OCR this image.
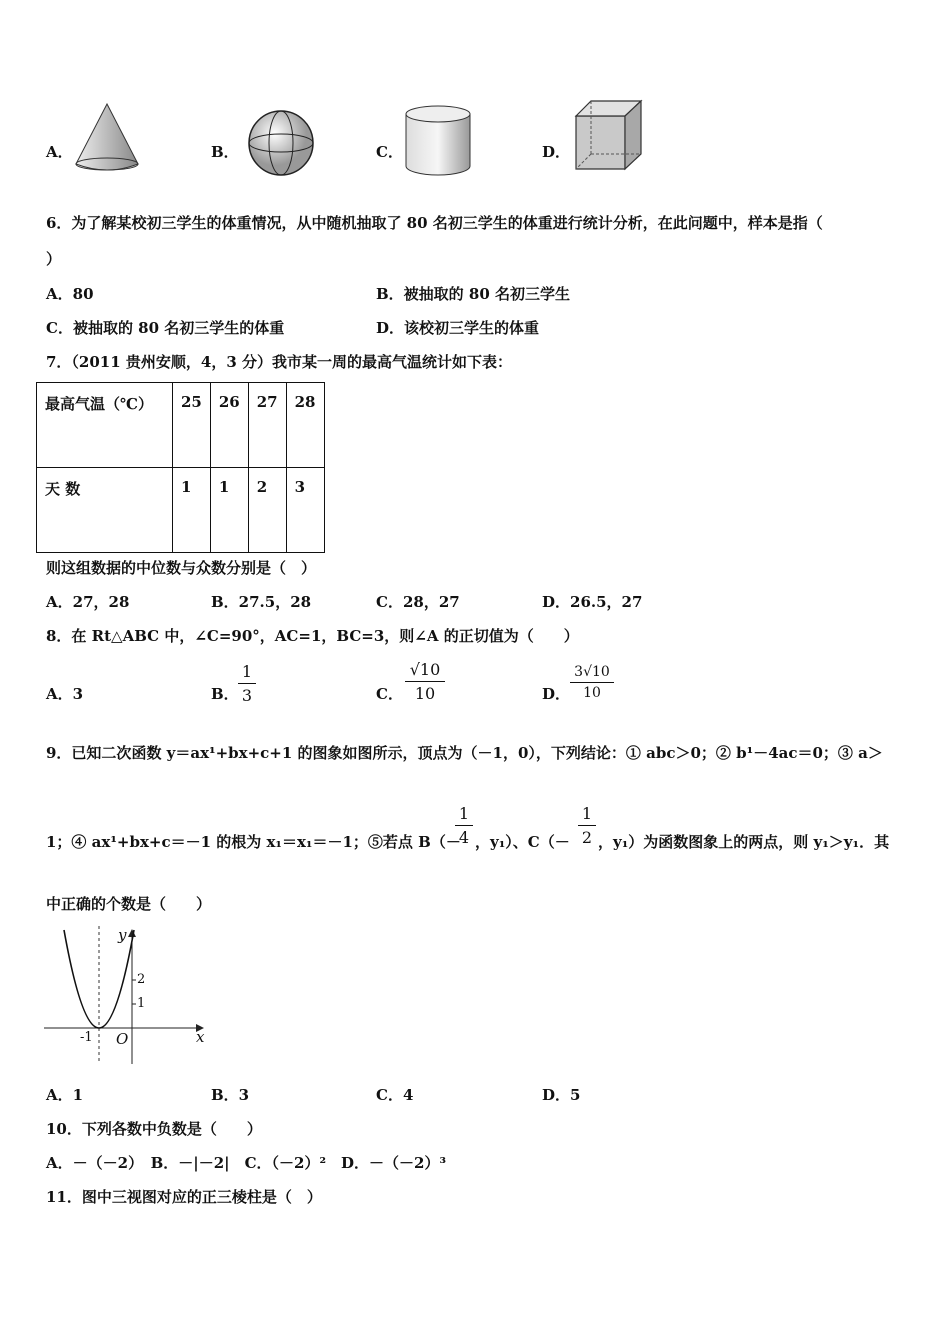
A．	B．	C．	D．
6．为了解某校初三学生的体重情况，从中随机抽取了 80 名初三学生的体重进行统计分析，在此问题中，样本是指（
）
A．80	B．被抽取的 80 名初三学生
C．被抽取的 80 名初三学生的体重	D．该校初三学生的体重
7．（2011 贵州安顺，4，3 分）我市某一周的最高气温统计如下表：
最高气温（℃）	25	26	27	28
天 数	1	1	2	3
则这组数据的中位数与众数分别是（　）
A．27，28	B．27.5，28	C．28，27	D．26.5，27
8．在 Rt△ABC 中，∠C=90°，AC=1，BC=3，则∠A 的正切值为（　　）
A．3	B．
1
3	C．
√10
10	D．
3√10
10
9．已知二次函数 y＝ax¹+bx+c+1 的图象如图所示，顶点为（－1，0），下列结论：① abc＞0；② b¹－4ac＝0；③ a＞
1；④ ax¹+bx+c＝－1 的根为 x₁＝x₁＝－1；⑤若点 B（－
1
4 ，y₁）、C（－
1
2 ，y₁）为函数图象上的两点，则 y₁＞y₁．其
中正确的个数是（　　）
y
x
O
-1
1
2
A．1	B．3	C．4	D．5
10．下列各数中负数是（　　）
A．－（－2）　B．－|－2|　C．（－2）²　D．－（－2）³
11．图中三视图对应的正三棱柱是（　）
